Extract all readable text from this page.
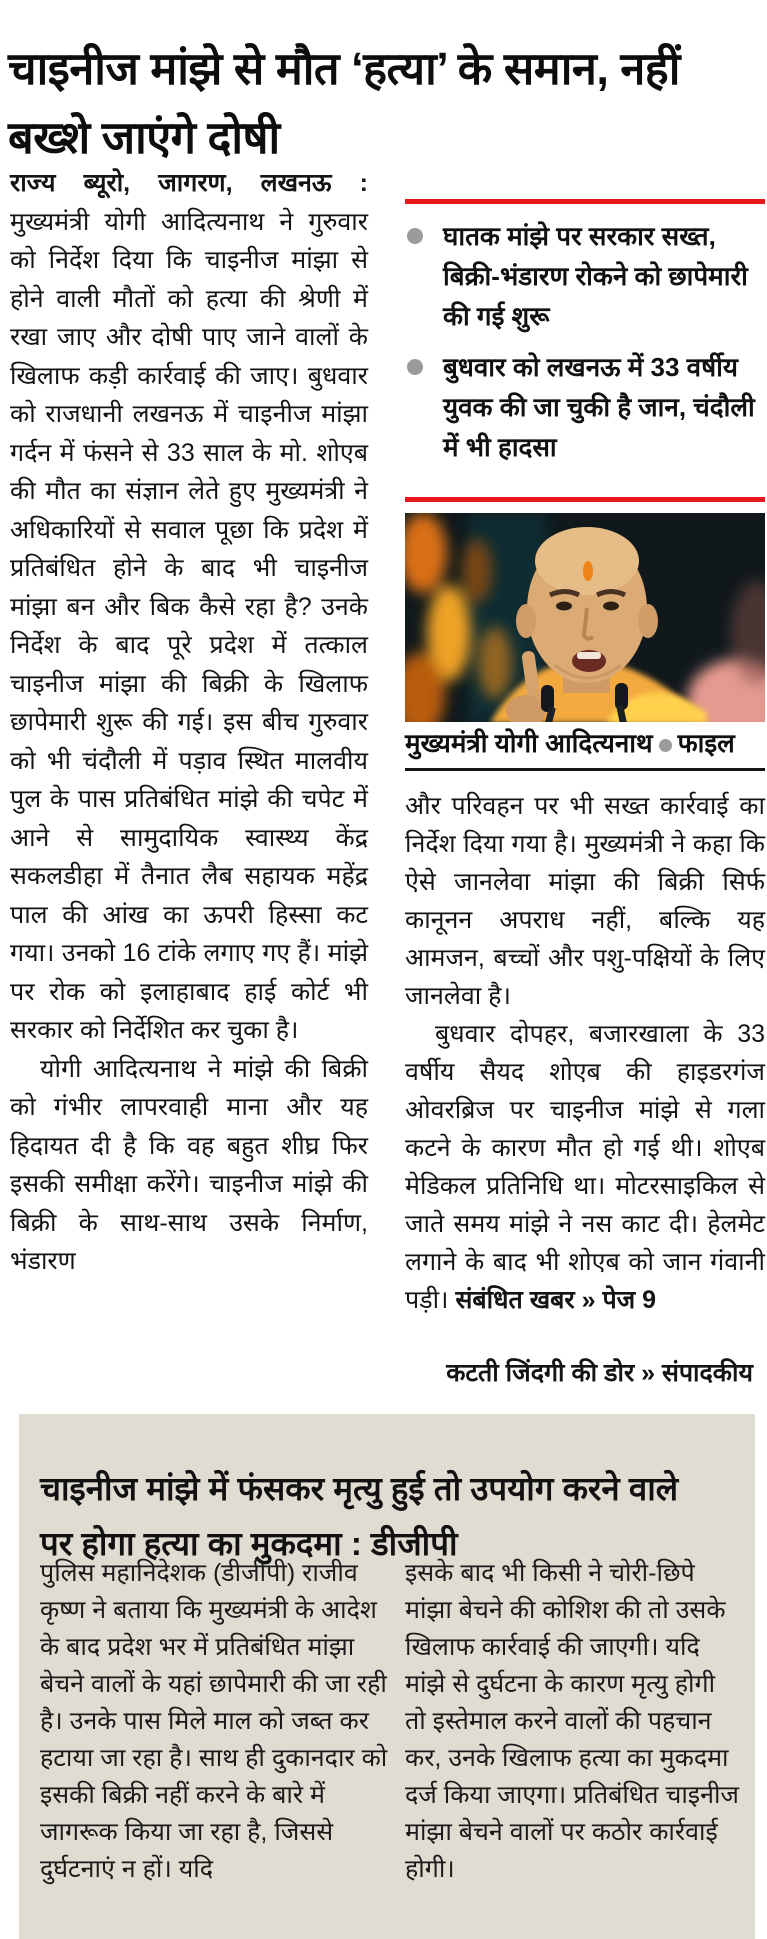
चाइनीज मांझे से मौत ‘हत्या’ के समान, नहीं बख्शे जाएंगे दोषी

राज्य ब्यूरो, जागरण, लखनऊ : मुख्यमंत्री योगी आदित्यनाथ ने गुरुवार को निर्देश दिया कि चाइनीज मांझा से होने वाली मौतों को हत्या की श्रेणी में रखा जाए और दोषी पाए जाने वालों के खिलाफ कड़ी कार्रवाई की जाए। बुधवार को राजधानी लखनऊ में चाइनीज मांझा गर्दन में फंसने से 33 साल के मो. शोएब की मौत का संज्ञान लेते हुए मुख्यमंत्री ने अधिकारियों से सवाल पूछा कि प्रदेश में प्रतिबंधित होने के बाद भी चाइनीज मांझा बन और बिक कैसे रहा है? उनके निर्देश के बाद पूरे प्रदेश में तत्काल चाइनीज मांझा की बिक्री के खिलाफ छापेमारी शुरू की गई। इस बीच गुरुवार को भी चंदौली में पड़ाव स्थित मालवीय पुल के पास प्रतिबंधित मांझे की चपेट में आने से सामुदायिक स्वास्थ्य केंद्र सकलडीहा में तैनात लैब सहायक महेंद्र पाल की आंख का ऊपरी हिस्सा कट गया। उनको 16 टांके लगाए गए हैं। मांझे पर रोक को इलाहाबाद हाई कोर्ट भी सरकार को निर्देशित कर चुका है।

योगी आदित्यनाथ ने मांझे की बिक्री को गंभीर लापरवाही माना और यह हिदायत दी है कि वह बहुत शीघ्र फिर इसकी समीक्षा करेंगे। चाइनीज मांझे की बिक्री के साथ-साथ उसके निर्माण, भंडारण

घातक मांझे पर सरकार सख्त, बिक्री-भंडारण रोकने को छापेमारी की गई शुरू
बुधवार को लखनऊ में 33 वर्षीय युवक की जा चुकी है जान, चंदौली में भी हादसा
मुख्यमंत्री योगी आदित्यनाथ फाइल

और परिवहन पर भी सख्त कार्रवाई का निर्देश दिया गया है। मुख्यमंत्री ने कहा कि ऐसे जानलेवा मांझा की बिक्री सिर्फ कानूनन अपराध नहीं, बल्कि यह आमजन, बच्चों और पशु-पक्षियों के लिए जानलेवा है।

बुधवार दोपहर, बजारखाला के 33 वर्षीय सैयद शोएब की हाइडरगंज ओवरब्रिज पर चाइनीज मांझे से गला कटने के कारण मौत हो गई थी। शोएब मेडिकल प्रतिनिधि था। मोटरसाइकिल से जाते समय मांझे ने नस काट दी। हेलमेट लगाने के बाद भी शोएब को जान गंवानी पड़ी। संबंधित खबर » पेज 9

कटती जिंदगी की डोर » संपादकीय
चाइनीज मांझे में फंसकर मृत्यु हुई तो उपयोग करने वाले पर होगा हत्या का मुकदमा : डीजीपी
पुलिस महानिदेशक (डीजीपी) राजीव कृष्ण ने बताया कि मुख्यमंत्री के आदेश के बाद प्रदेश भर में प्रतिबंधित मांझा बेचने वालों के यहां छापेमारी की जा रही है। उनके पास मिले माल को जब्त कर हटाया जा रहा है। साथ ही दुकानदार को इसकी बिक्री नहीं करने के बारे में जागरूक किया जा रहा है, जिससे दुर्घटनाएं न हों। यदि
इसके बाद भी किसी ने चोरी-छिपे मांझा बेचने की कोशिश की तो उसके खिलाफ कार्रवाई की जाएगी। यदि मांझे से दुर्घटना के कारण मृत्यु होगी तो इस्तेमाल करने वालों की पहचान कर, उनके खिलाफ हत्या का मुकदमा दर्ज किया जाएगा। प्रतिबंधित चाइनीज मांझा बेचने वालों पर कठोर कार्रवाई होगी।
